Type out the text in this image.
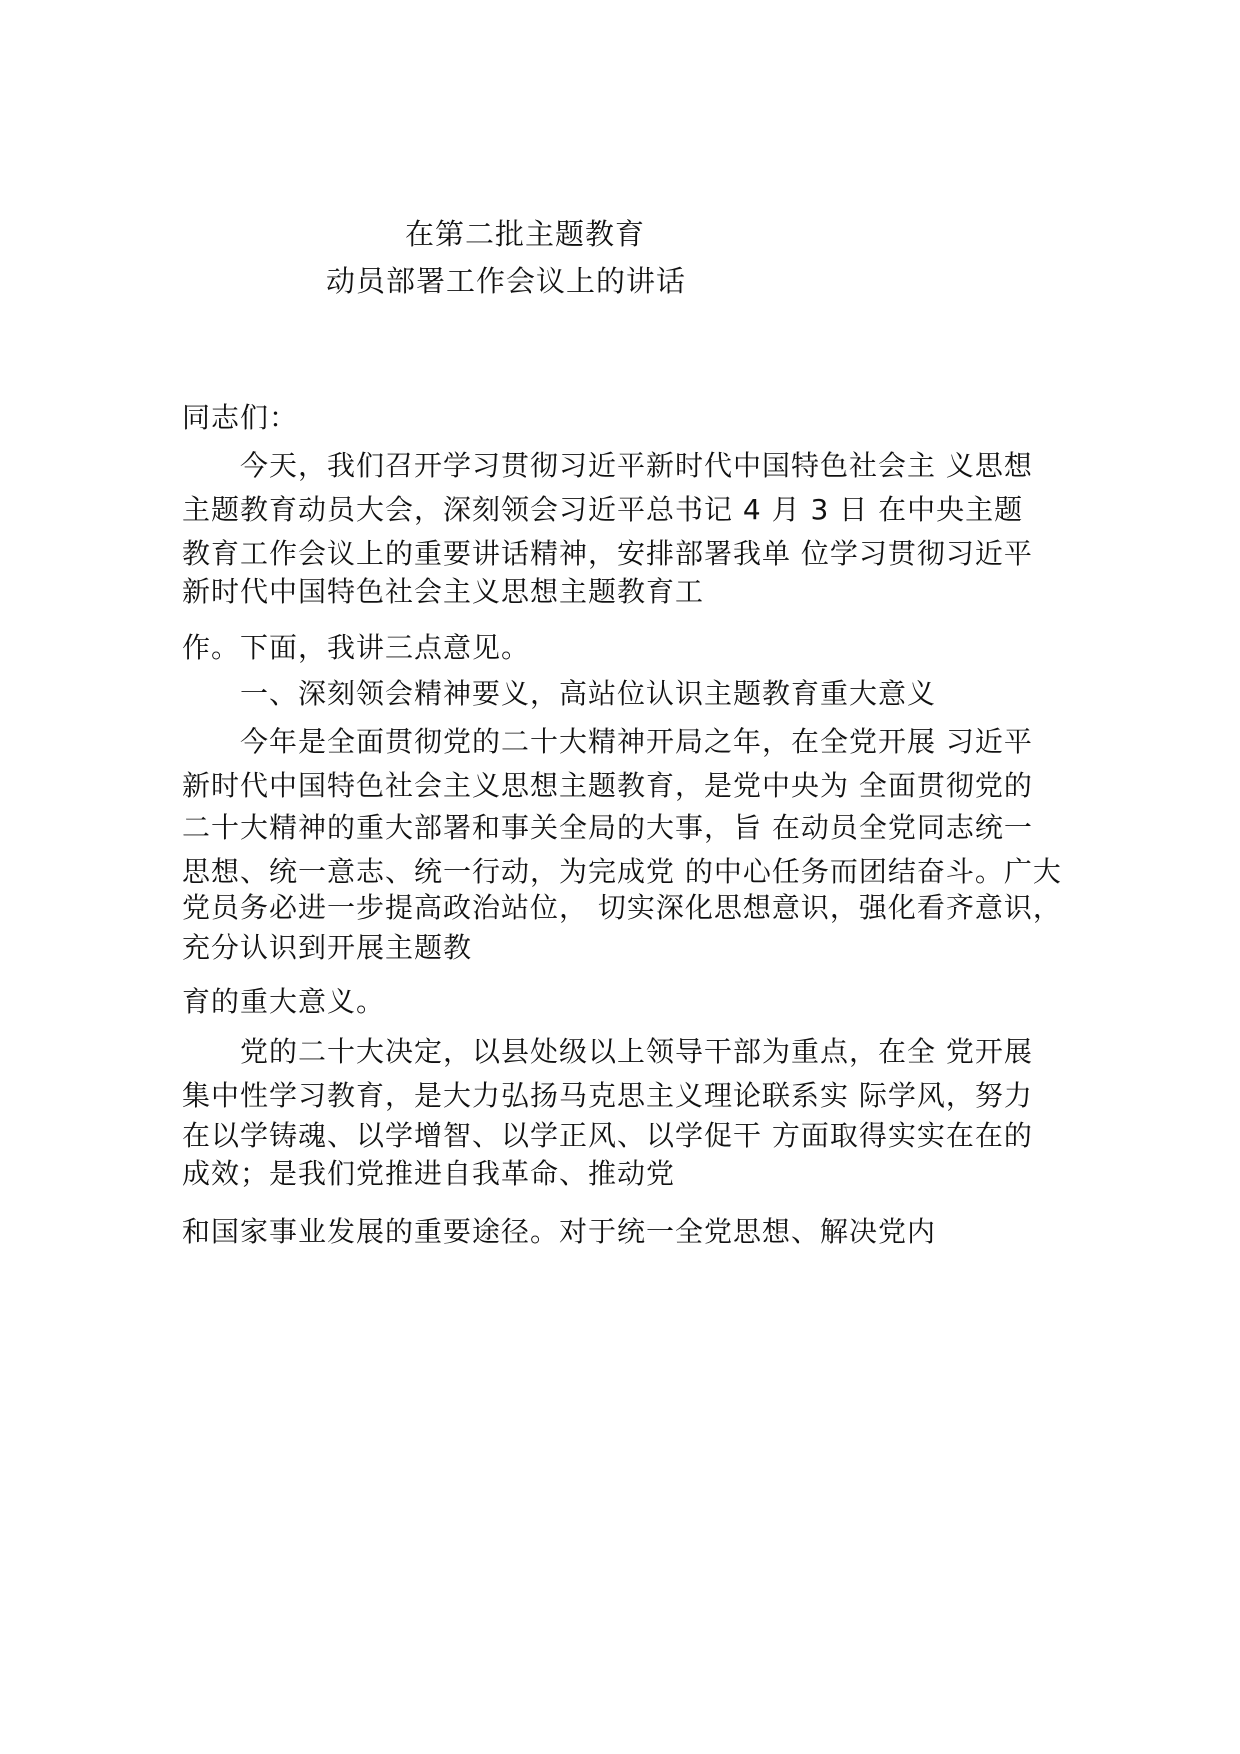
在第二批主题教育

动员部署工作会议上的讲话

同志们：

今天，我们召开学习贯彻习近平新时代中国特色社会主 义思想

主题教育动员大会，深刻领会习近平总书记 4 月 3 日 在中央主题

教育工作会议上的重要讲话精神，安排部署我单 位学习贯彻习近平

新时代中国特色社会主义思想主题教育工

作。下面，我讲三点意见。

一、深刻领会精神要义，高站位认识主题教育重大意义

今年是全面贯彻党的二十大精神开局之年，在全党开展 习近平

新时代中国特色社会主义思想主题教育，是党中央为 全面贯彻党的

二十大精神的重大部署和事关全局的大事，旨 在动员全党同志统一

思想、统一意志、统一行动，为完成党 的中心任务而团结奋斗。广大

党员务必进一步提高政治站位， 切实深化思想意识，强化看齐意识，

充分认识到开展主题教

育的重大意义。

党的二十大决定，以县处级以上领导干部为重点，在全 党开展

集中性学习教育，是大力弘扬马克思主义理论联系实 际学风，努力

在以学铸魂、以学增智、以学正风、以学促干 方面取得实实在在的

成效；是我们党推进自我革命、推动党

和国家事业发展的重要途径。对于统一全党思想、解决党内
